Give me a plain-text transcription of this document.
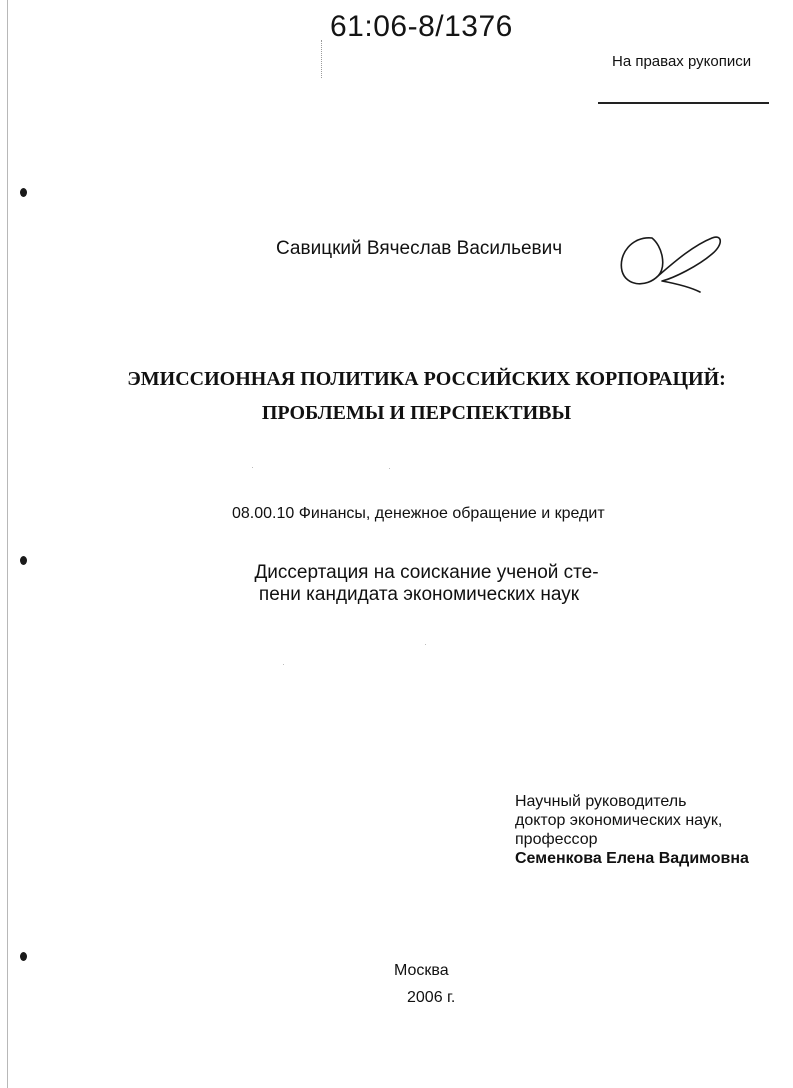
61:06-8/1376
На правах рукописи
Савицкий Вячеслав Васильевич
ЭМИССИОННАЯ ПОЛИТИКА РОССИЙСКИХ КОРПОРАЦИЙ:
ПРОБЛЕМЫ И ПЕРСПЕКТИВЫ
08.00.10 Финансы, денежное обращение и кредит
Диссертация на соискание ученой сте-
пени кандидата экономических наук
Научный руководитель
доктор экономических наук,
профессор
Семенкова Елена Вадимовна
Москва
2006 г.
